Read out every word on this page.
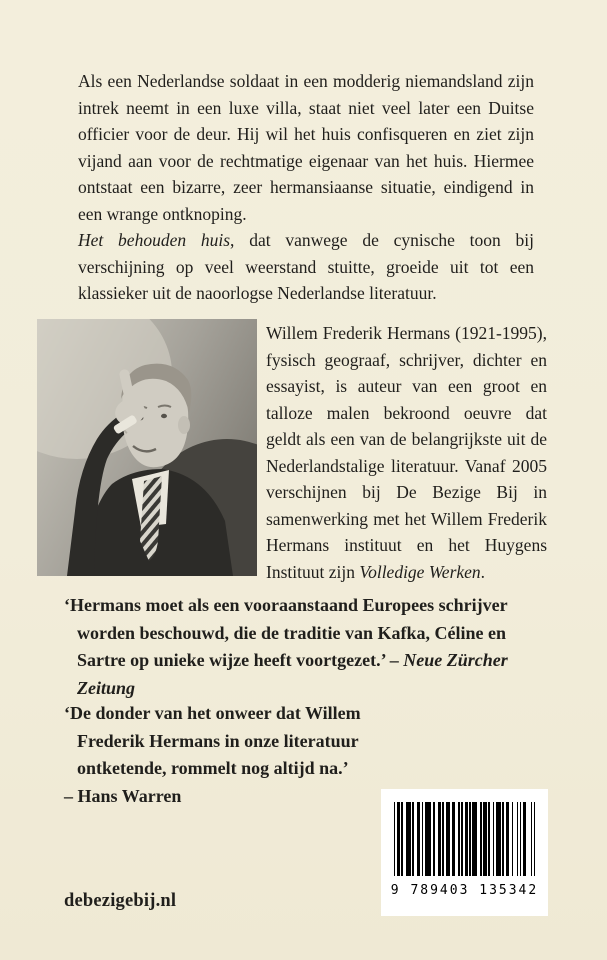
Als een Nederlandse soldaat in een modderig niemandsland zijn intrek neemt in een luxe villa, staat niet veel later een Duitse officier voor de deur. Hij wil het huis confisqueren en ziet zijn vijand aan voor de rechtmatige eigenaar van het huis. Hiermee ontstaat een bizarre, zeer hermansiaanse situatie, eindigend in een wrange ontknoping.

Het behouden huis, dat vanwege de cynische toon bij verschijning op veel weerstand stuitte, groeide uit tot een klassieker uit de naoorlogse Nederlandse literatuur.

Willem Frederik Hermans (1921-1995), fysisch geograaf, schrijver, dichter en essayist, is auteur van een groot en talloze malen bekroond oeuvre dat geldt als een van de belangrijkste uit de Nederlandstalige literatuur. Vanaf 2005 verschijnen bij De Bezige Bij in samenwerking met het Willem Frederik Hermans instituut en het Huygens Instituut zijn Volledige Werken.
‘Hermans moet als een vooraanstaand Europees schrijver worden beschouwd, die de traditie van Kafka, Céline en Sartre op unieke wijze heeft voortgezet.’ – Neue Zürcher Zeitung
‘De donder van het onweer dat Willem Frederik Hermans in onze literatuur ontketende, rommelt nog altijd na.’
– Hans Warren
debezigebij.nl
9 789403 135342
